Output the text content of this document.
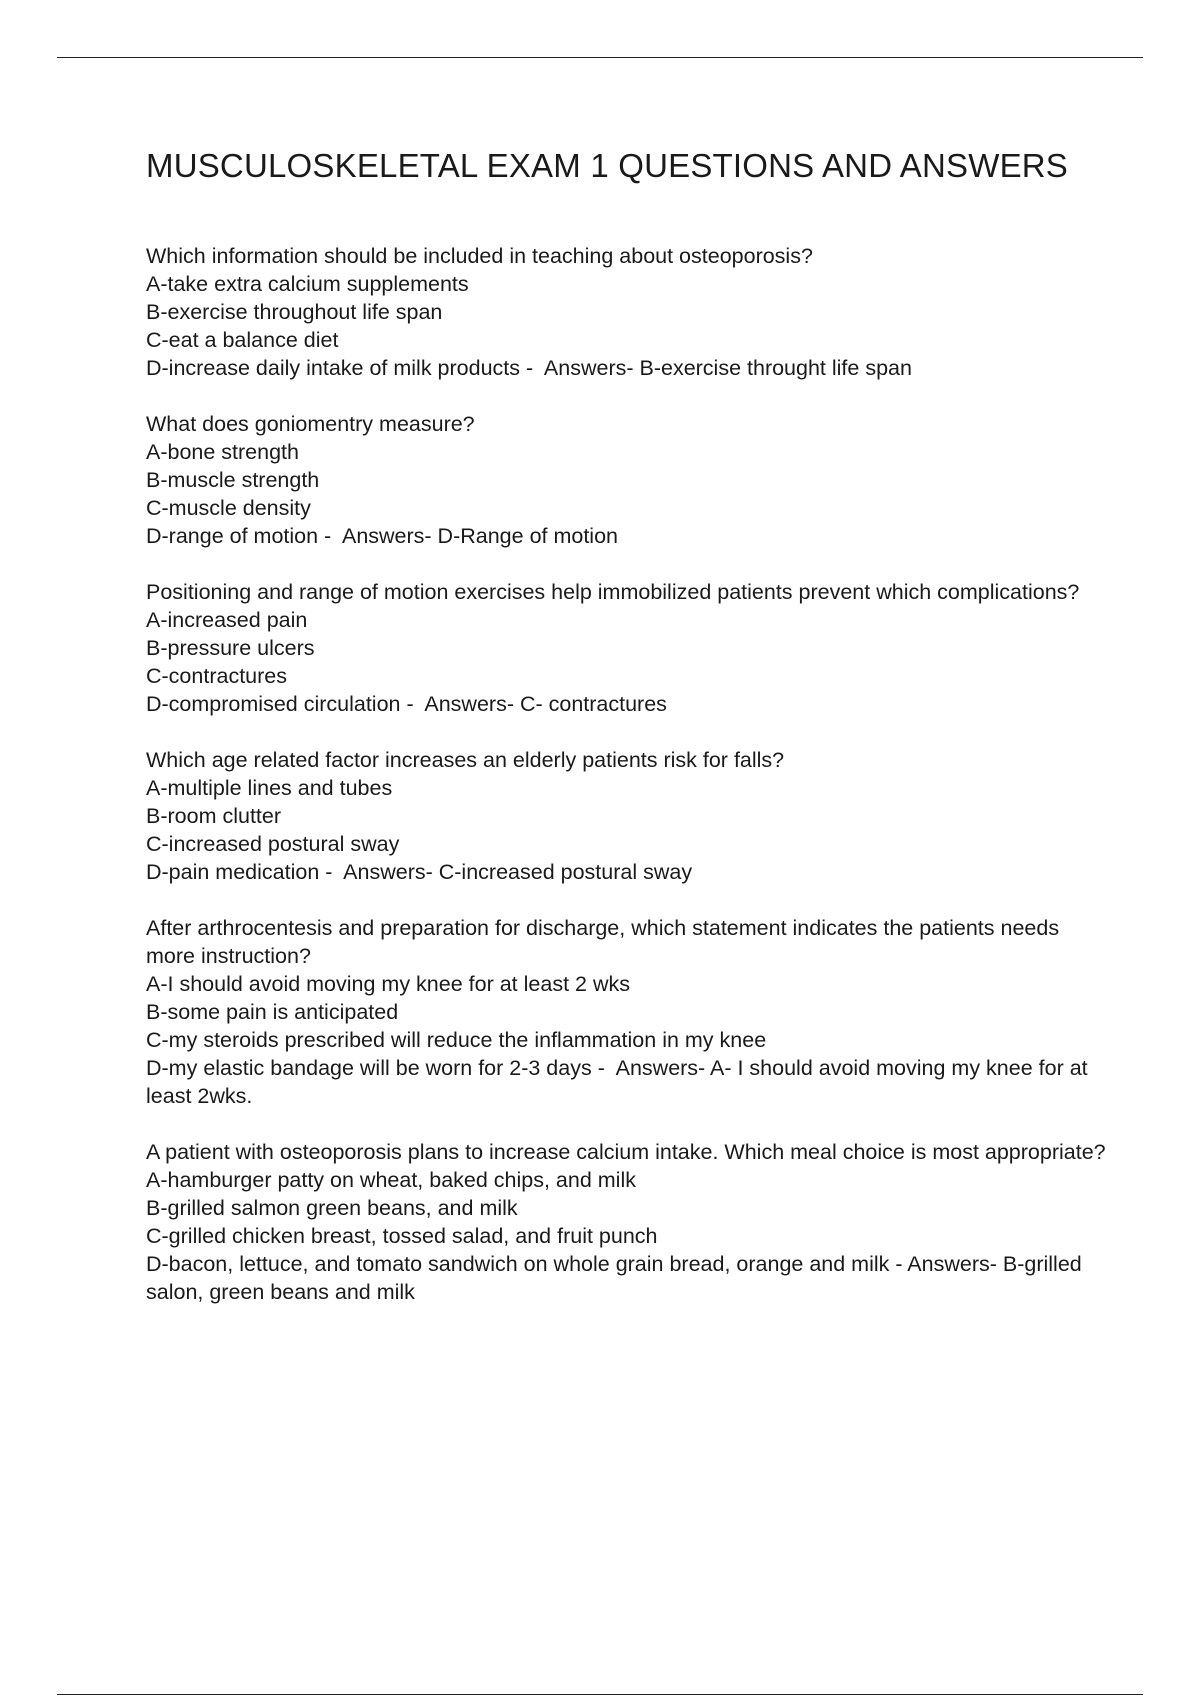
MUSCULOSKELETAL EXAM 1 QUESTIONS AND ANSWERS

Which information should be included in teaching about osteoporosis?

A-take extra calcium supplements

B-exercise throughout life span

C-eat a balance diet

D-increase daily intake of milk products -  Answers- B-exercise throught life span

What does goniomentry measure?

A-bone strength

B-muscle strength

C-muscle density

D-range of motion -  Answers- D-Range of motion

Positioning and range of motion exercises help immobilized patients prevent which complications?

A-increased pain

B-pressure ulcers

C-contractures

D-compromised circulation -  Answers- C- contractures

Which age related factor increases an elderly patients risk for falls?

A-multiple lines and tubes

B-room clutter

C-increased postural sway

D-pain medication -  Answers- C-increased postural sway

After arthrocentesis and preparation for discharge, which statement indicates the patients needs more instruction?

A-I should avoid moving my knee for at least 2 wks

B-some pain is anticipated

C-my steroids prescribed will reduce the inflammation in my knee

D-my elastic bandage will be worn for 2-3 days -  Answers- A- I should avoid moving my knee for at least 2wks.

A patient with osteoporosis plans to increase calcium intake. Which meal choice is most appropriate?

A-hamburger patty on wheat, baked chips, and milk

B-grilled salmon green beans, and milk

C-grilled chicken breast, tossed salad, and fruit punch

D-bacon, lettuce, and tomato sandwich on whole grain bread, orange and milk - Answers- B-grilled salon, green beans and milk
